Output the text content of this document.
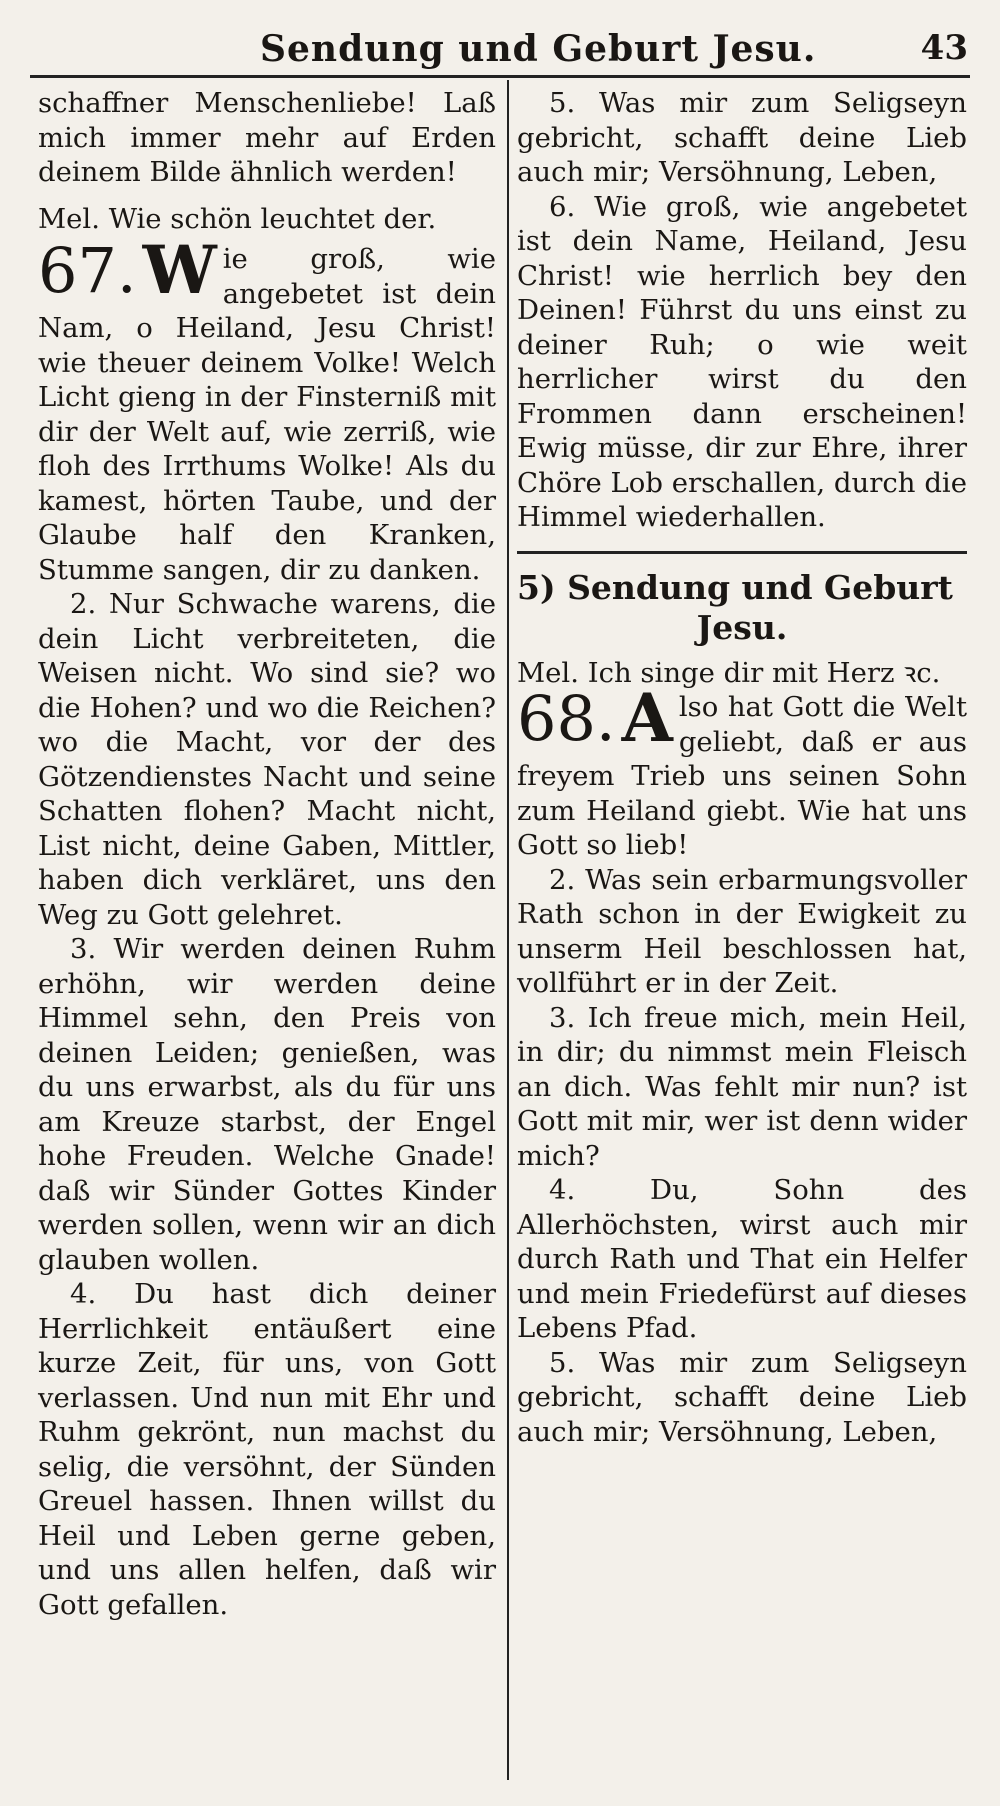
Sendung und Geburt Jesu.	43

schaffner Menschenliebe! Laß mich immer mehr auf Erden deinem Bilde ähnlich werden!

Mel. Wie schön leuchtet der.

67. W ie groß, wie angebetet ist dein Nam, o Heiland, Jesu Christ! wie theuer deinem Volke! Welch Licht gieng in der Finsterniß mit dir der Welt auf, wie zerriß, wie floh des Irrthums Wolke! Als du kamest, hörten Taube, und der Glaube half den Kranken, Stumme sangen, dir zu danken.

2. Nur Schwache warens, die dein Licht verbreiteten, die Weisen nicht. Wo sind sie? wo die Hohen? und wo die Reichen? wo die Macht, vor der des Götzendienstes Nacht und seine Schatten flohen? Macht nicht, List nicht, deine Gaben, Mittler, haben dich verkläret, uns den Weg zu Gott gelehret.

3. Wir werden deinen Ruhm erhöhn, wir werden deine Himmel sehn, den Preis von deinen Leiden; genießen, was du uns erwarbst, als du für uns am Kreuze starbst, der Engel hohe Freuden. Welche Gnade! daß wir Sünder Gottes Kinder werden sollen, wenn wir an dich glauben wollen.

4. Du hast dich deiner Herrlichkeit entäußert eine kurze Zeit, für uns, von Gott verlassen. Und nun mit Ehr und Ruhm gekrönt, nun machst du selig, die versöhnt, der Sünden Greuel hassen. Ihnen willst du Heil und Leben gerne geben, und uns allen helfen, daß wir Gott gefallen.

5. Was mir zum Seligseyn gebricht, schafft deine Lieb auch mir; Versöhnung, Leben,

6. Wie groß, wie angebetet ist dein Name, Heiland, Jesu Christ! wie herrlich bey den Deinen! Führst du uns einst zu deiner Ruh; o wie weit herrlicher wirst du den Frommen dann erscheinen! Ewig müsse, dir zur Ehre, ihrer Chöre Lob erschallen, durch die Himmel wiederhallen.

5) Sendung und Geburt
Jesu.

Mel. Ich singe dir mit Herz ꝛc.

68. A lso hat Gott die Welt geliebt, daß er aus freyem Trieb uns seinen Sohn zum Heiland giebt. Wie hat uns Gott so lieb!

2. Was sein erbarmungsvoller Rath schon in der Ewigkeit zu unserm Heil beschlossen hat, vollführt er in der Zeit.

3. Ich freue mich, mein Heil, in dir; du nimmst mein Fleisch an dich. Was fehlt mir nun? ist Gott mit mir, wer ist denn wider mich?

4. Du, Sohn des Allerhöchsten, wirst auch mir durch Rath und That ein Helfer und mein Friedefürst auf dieses Lebens Pfad.

5. Was mir zum Seligseyn gebricht, schafft deine Lieb auch mir; Versöhnung, Leben,
